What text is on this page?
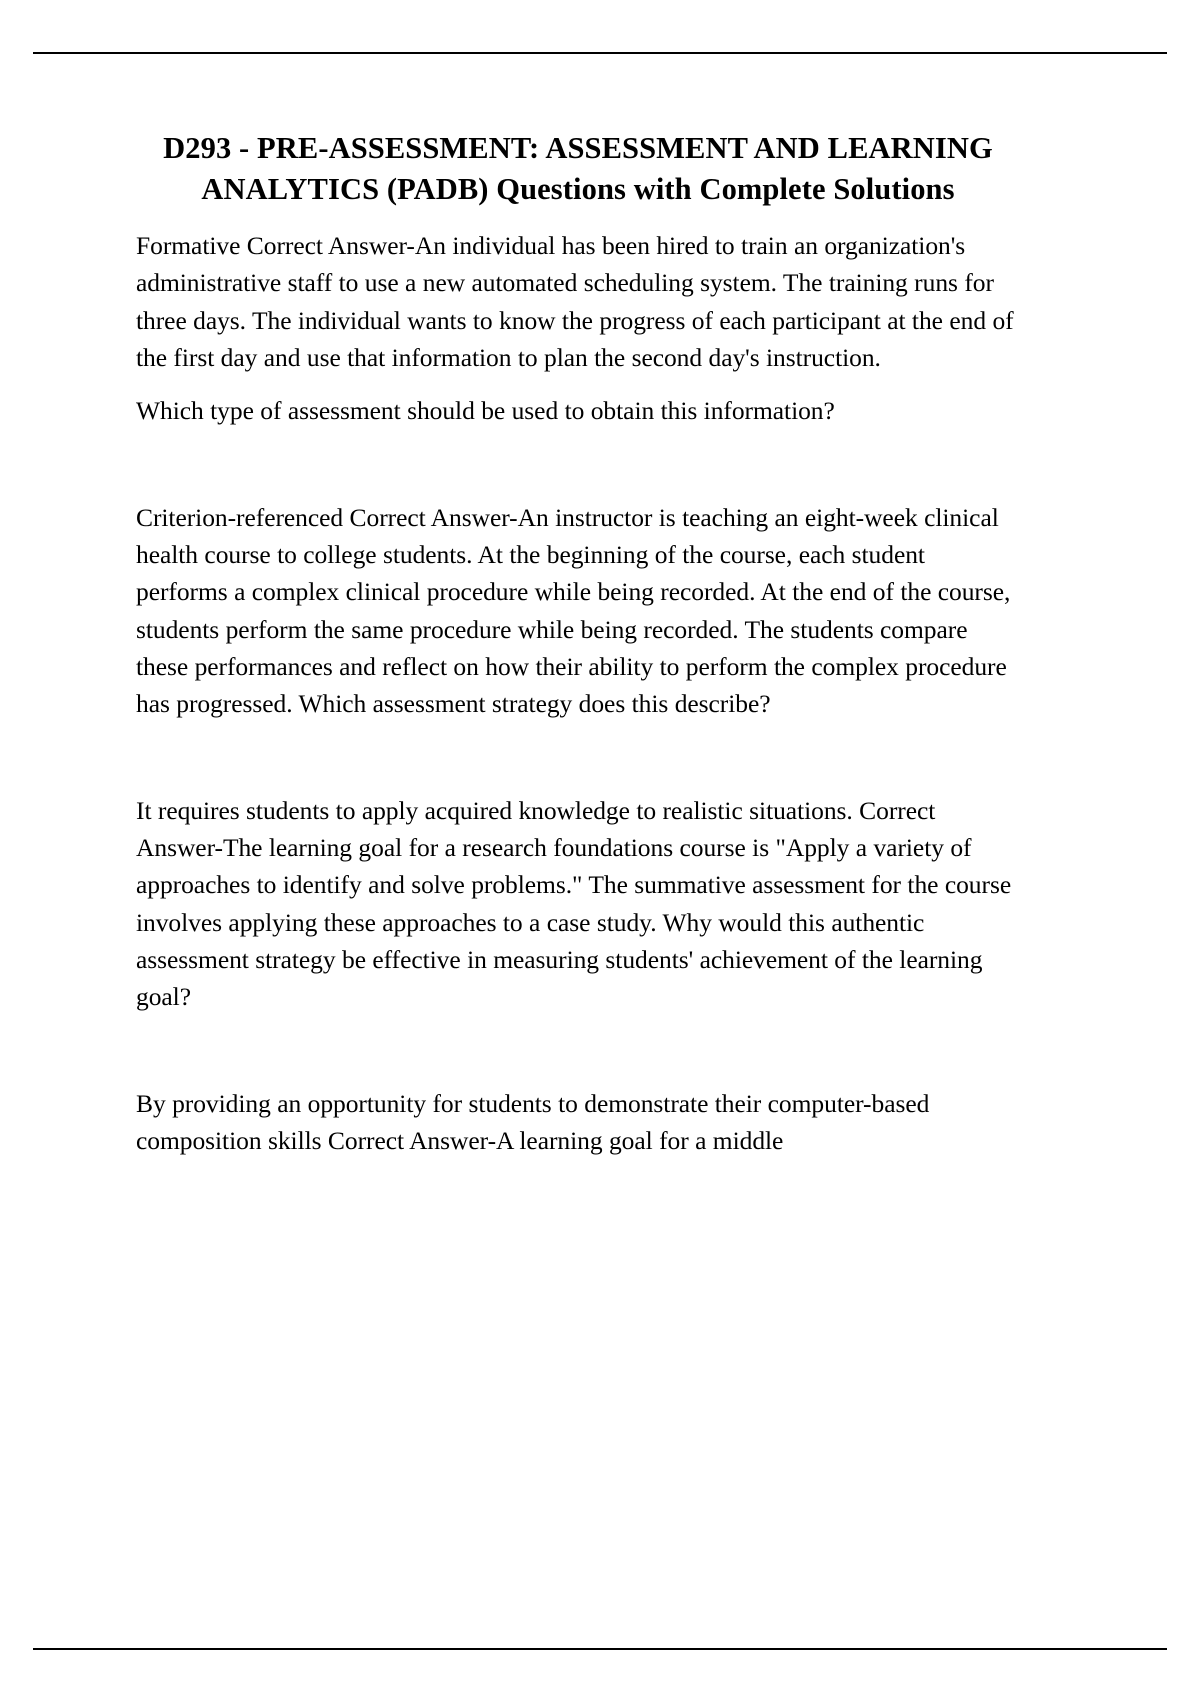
D293 - PRE-ASSESSMENT: ASSESSMENT AND LEARNING ANALYTICS (PADB) Questions with Complete Solutions

Formative Correct Answer-An individual has been hired to train an organization's administrative staff to use a new automated scheduling system. The training runs for three days. The individual wants to know the progress of each participant at the end of the first day and use that information to plan the second day's instruction.

Which type of assessment should be used to obtain this information?

Criterion-referenced Correct Answer-An instructor is teaching an eight-week clinical health course to college students. At the beginning of the course, each student performs a complex clinical procedure while being recorded. At the end of the course, students perform the same procedure while being recorded. The students compare these performances and reflect on how their ability to perform the complex procedure has progressed. Which assessment strategy does this describe?

It requires students to apply acquired knowledge to realistic situations. Correct Answer-The learning goal for a research foundations course is "Apply a variety of approaches to identify and solve problems." The summative assessment for the course involves applying these approaches to a case study. Why would this authentic assessment strategy be effective in measuring students' achievement of the learning goal?

By providing an opportunity for students to demonstrate their computer-based composition skills Correct Answer-A learning goal for a middle
